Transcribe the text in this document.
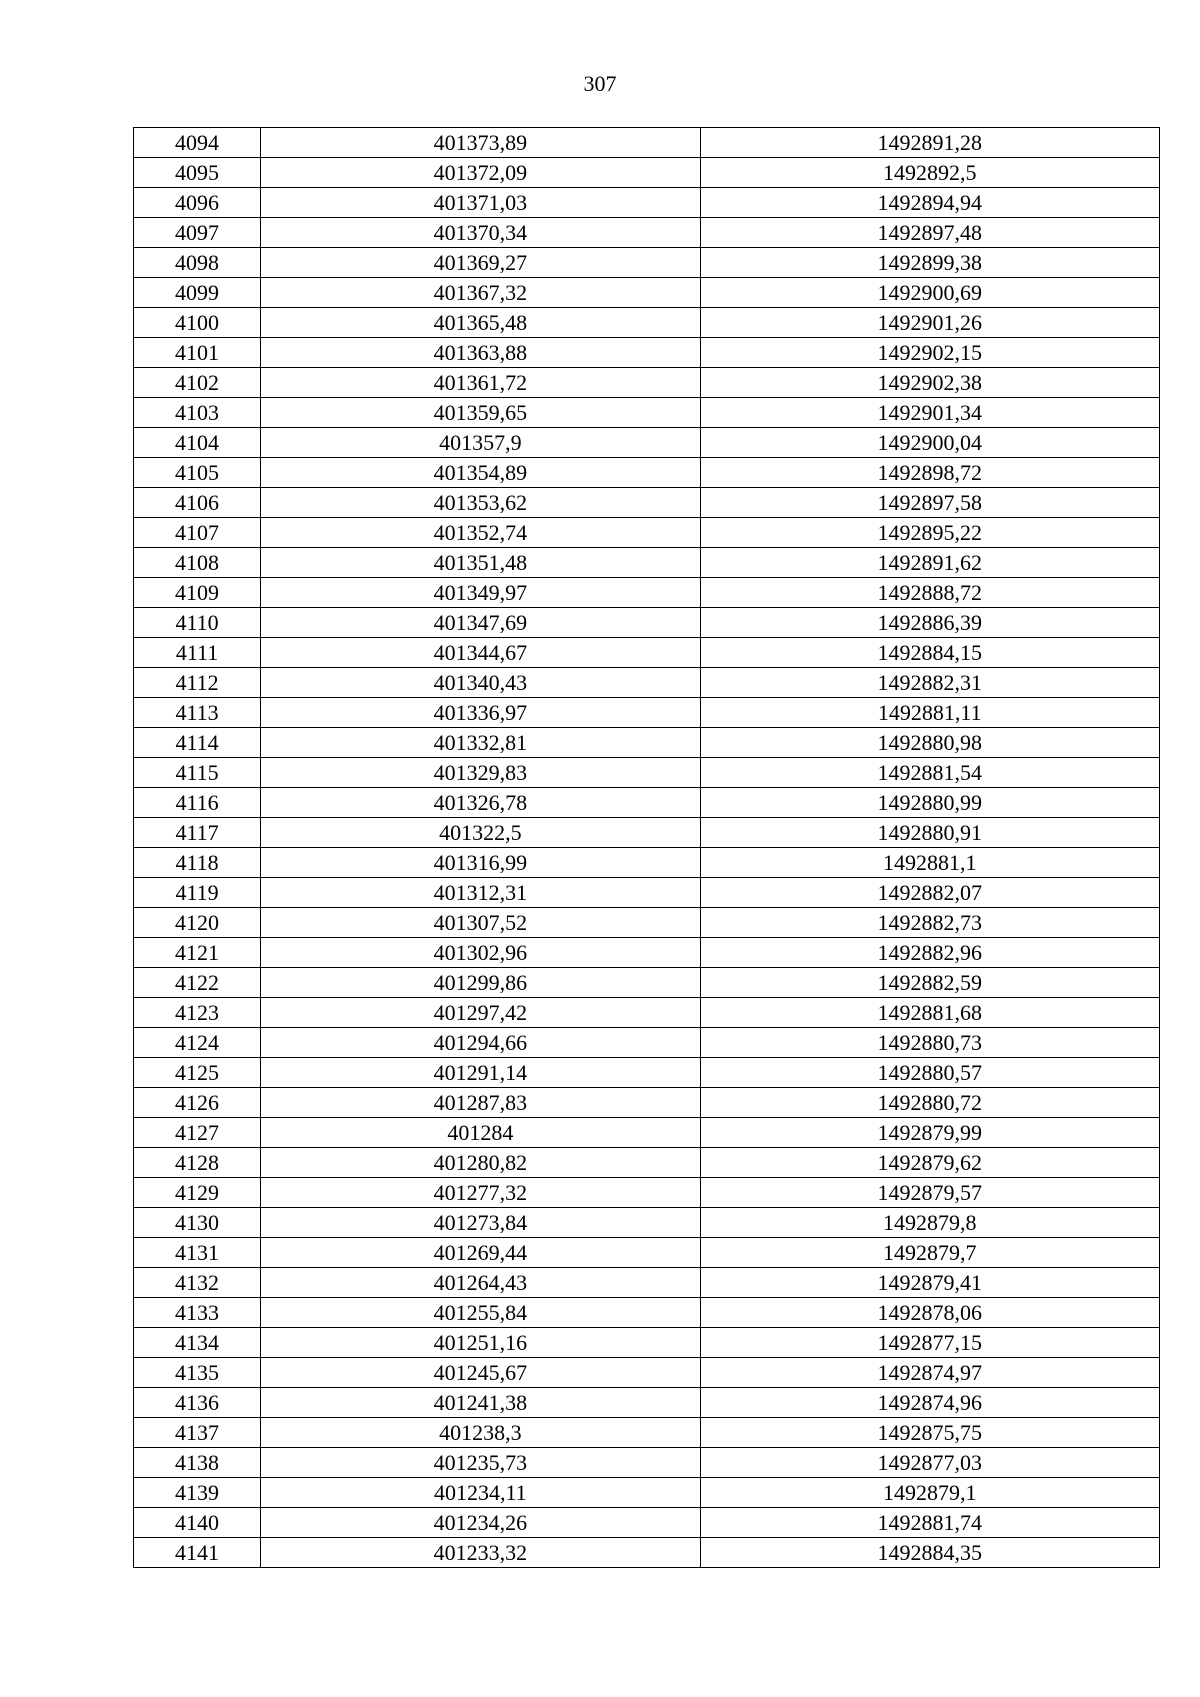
307
4094	401373,89	1492891,28
4095	401372,09	1492892,5
4096	401371,03	1492894,94
4097	401370,34	1492897,48
4098	401369,27	1492899,38
4099	401367,32	1492900,69
4100	401365,48	1492901,26
4101	401363,88	1492902,15
4102	401361,72	1492902,38
4103	401359,65	1492901,34
4104	401357,9	1492900,04
4105	401354,89	1492898,72
4106	401353,62	1492897,58
4107	401352,74	1492895,22
4108	401351,48	1492891,62
4109	401349,97	1492888,72
4110	401347,69	1492886,39
4111	401344,67	1492884,15
4112	401340,43	1492882,31
4113	401336,97	1492881,11
4114	401332,81	1492880,98
4115	401329,83	1492881,54
4116	401326,78	1492880,99
4117	401322,5	1492880,91
4118	401316,99	1492881,1
4119	401312,31	1492882,07
4120	401307,52	1492882,73
4121	401302,96	1492882,96
4122	401299,86	1492882,59
4123	401297,42	1492881,68
4124	401294,66	1492880,73
4125	401291,14	1492880,57
4126	401287,83	1492880,72
4127	401284	1492879,99
4128	401280,82	1492879,62
4129	401277,32	1492879,57
4130	401273,84	1492879,8
4131	401269,44	1492879,7
4132	401264,43	1492879,41
4133	401255,84	1492878,06
4134	401251,16	1492877,15
4135	401245,67	1492874,97
4136	401241,38	1492874,96
4137	401238,3	1492875,75
4138	401235,73	1492877,03
4139	401234,11	1492879,1
4140	401234,26	1492881,74
4141	401233,32	1492884,35
